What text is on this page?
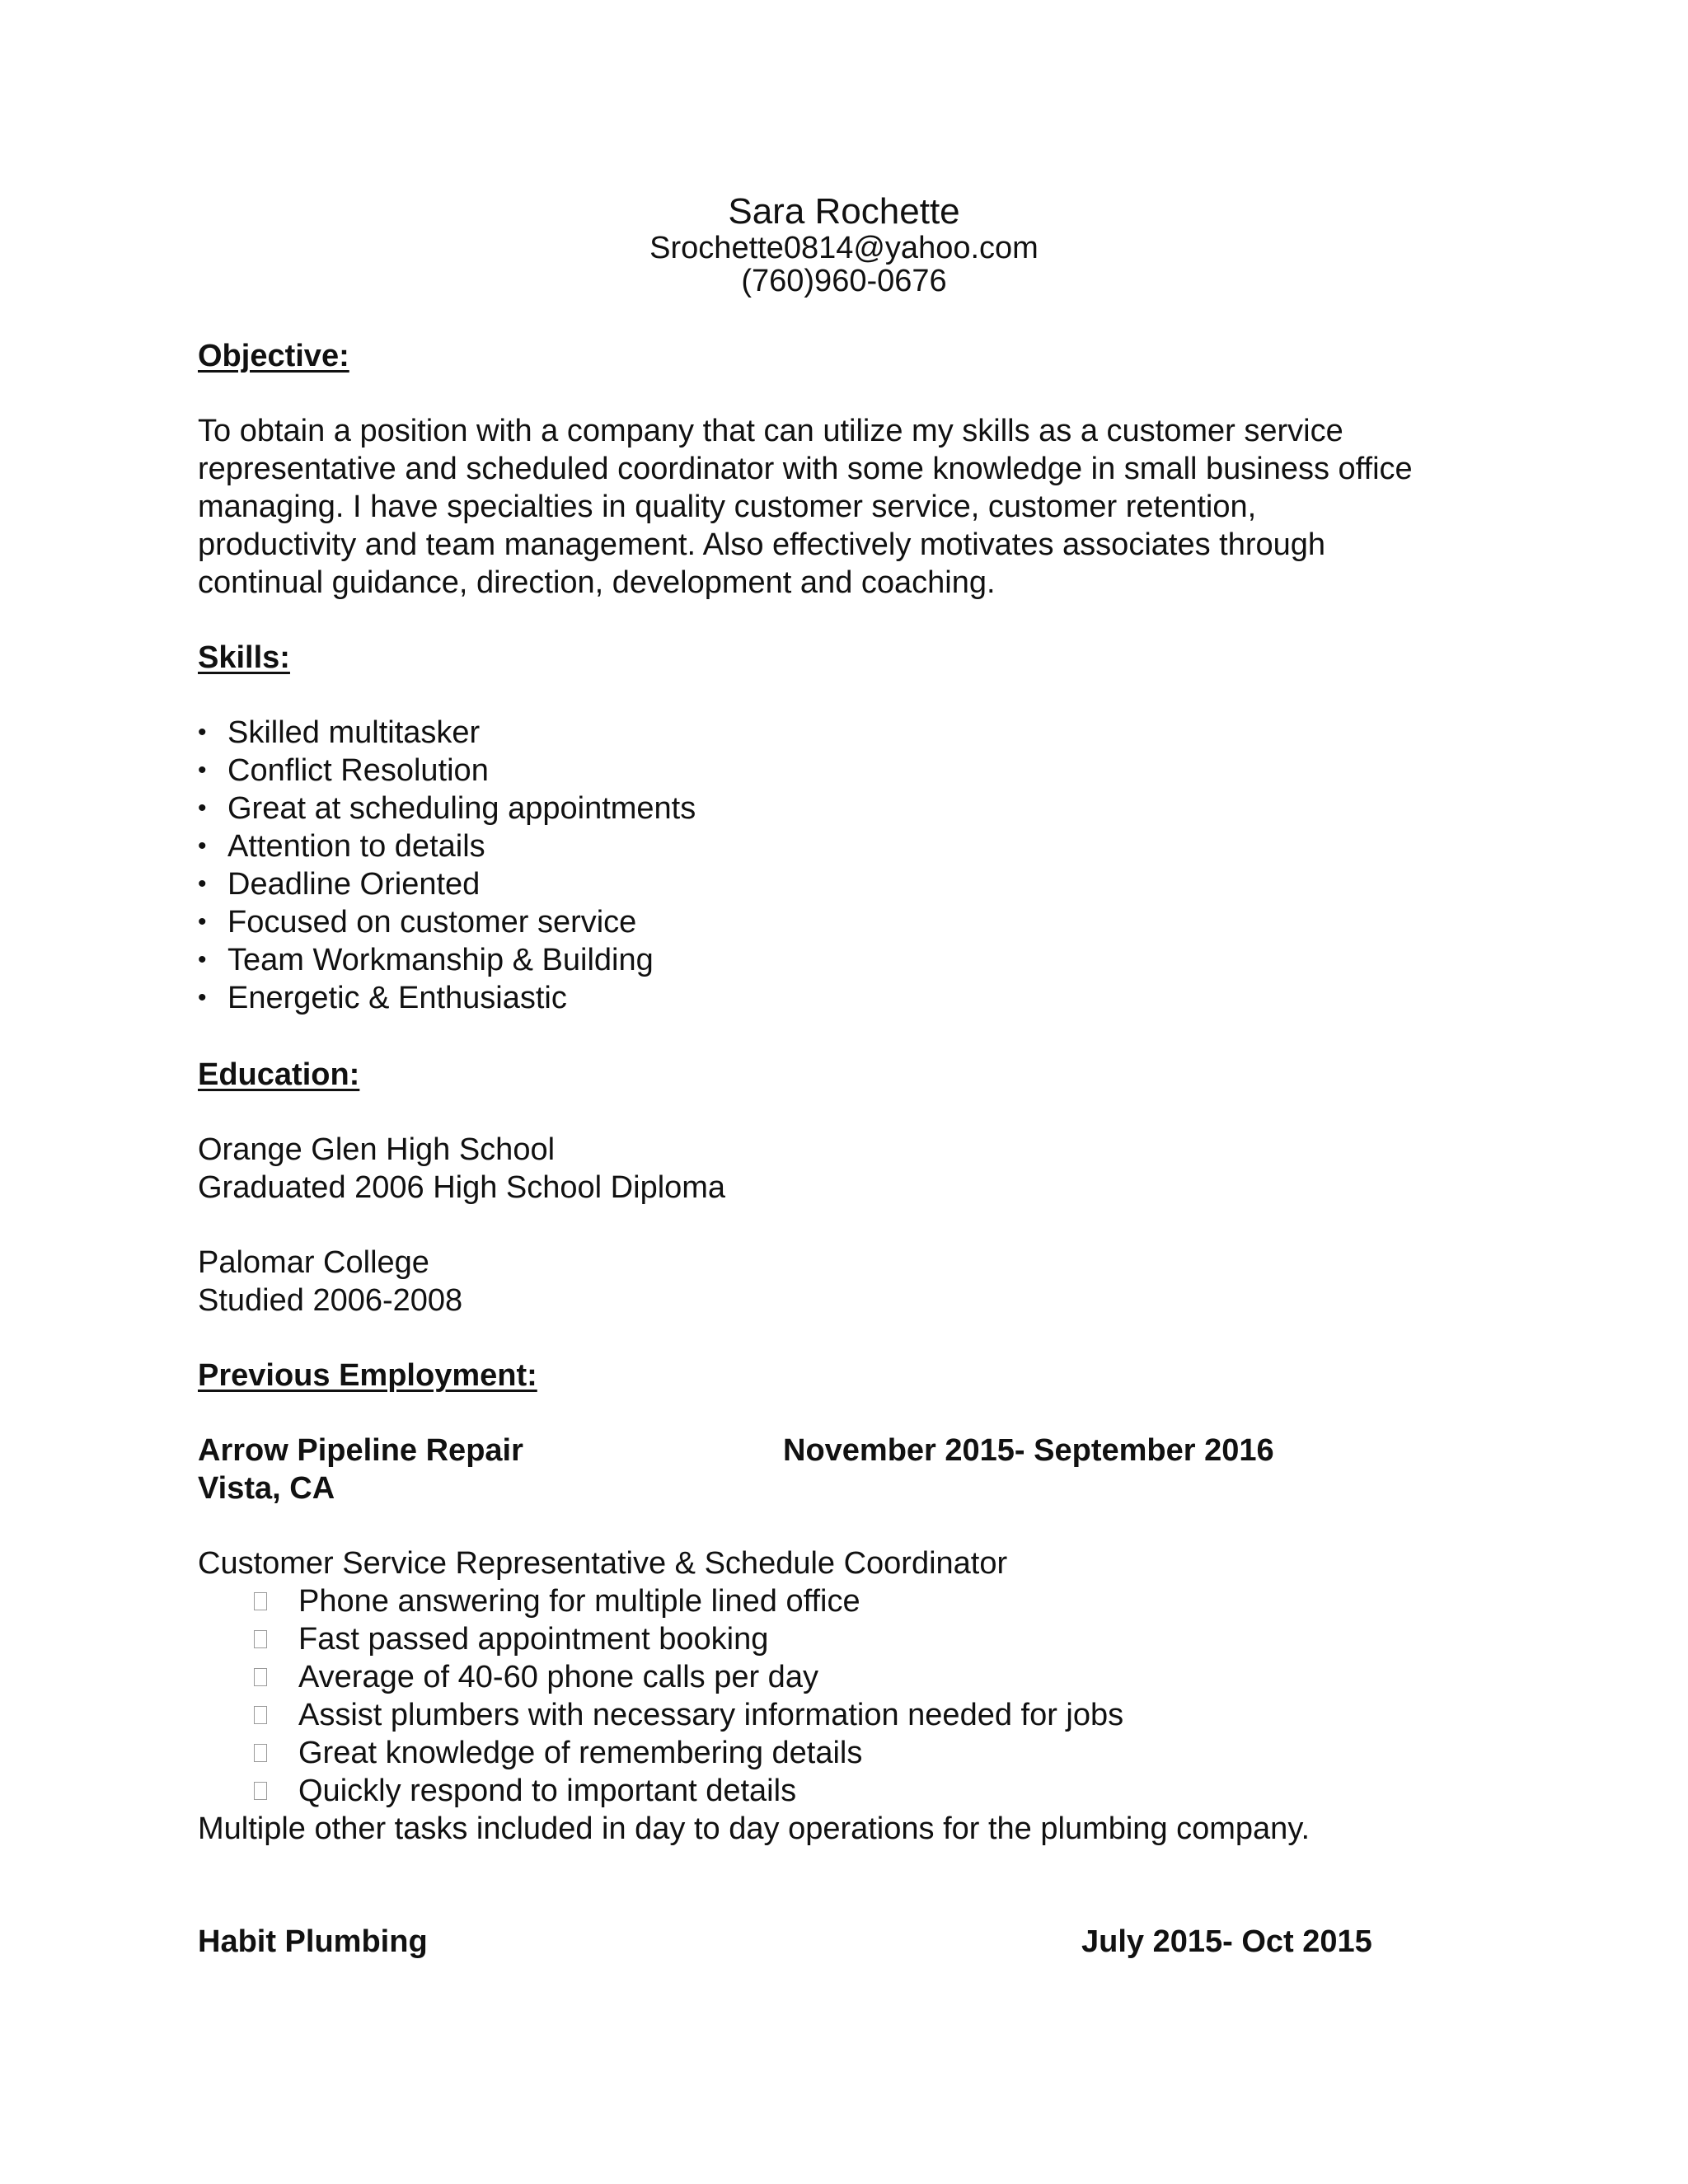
Sara Rochette
Srochette0814@yahoo.com
(760)960-0676
Objective:
To obtain a position with a company that can utilize my skills as a customer service
representative and scheduled coordinator with some knowledge in small business office
managing. I have specialties in quality customer service, customer retention,
productivity and team management. Also effectively motivates associates through
continual guidance, direction, development and coaching.
Skills:
• Skilled multitasker
• Conflict Resolution
• Great at scheduling appointments
• Attention to details
• Deadline Oriented
• Focused on customer service
• Team Workmanship & Building
• Energetic & Enthusiastic
Education:
Orange Glen High School
Graduated 2006 High School Diploma
Palomar College
Studied 2006-2008
Previous Employment:
Arrow Pipeline Repair	November 2015- September 2016
Vista, CA
Customer Service Representative & Schedule Coordinator
Phone answering for multiple lined office
Fast passed appointment booking
Average of 40-60 phone calls per day
Assist plumbers with necessary information needed for jobs
Great knowledge of remembering details
Quickly respond to important details
Multiple other tasks included in day to day operations for the plumbing company.
Habit Plumbing	July 2015- Oct 2015
